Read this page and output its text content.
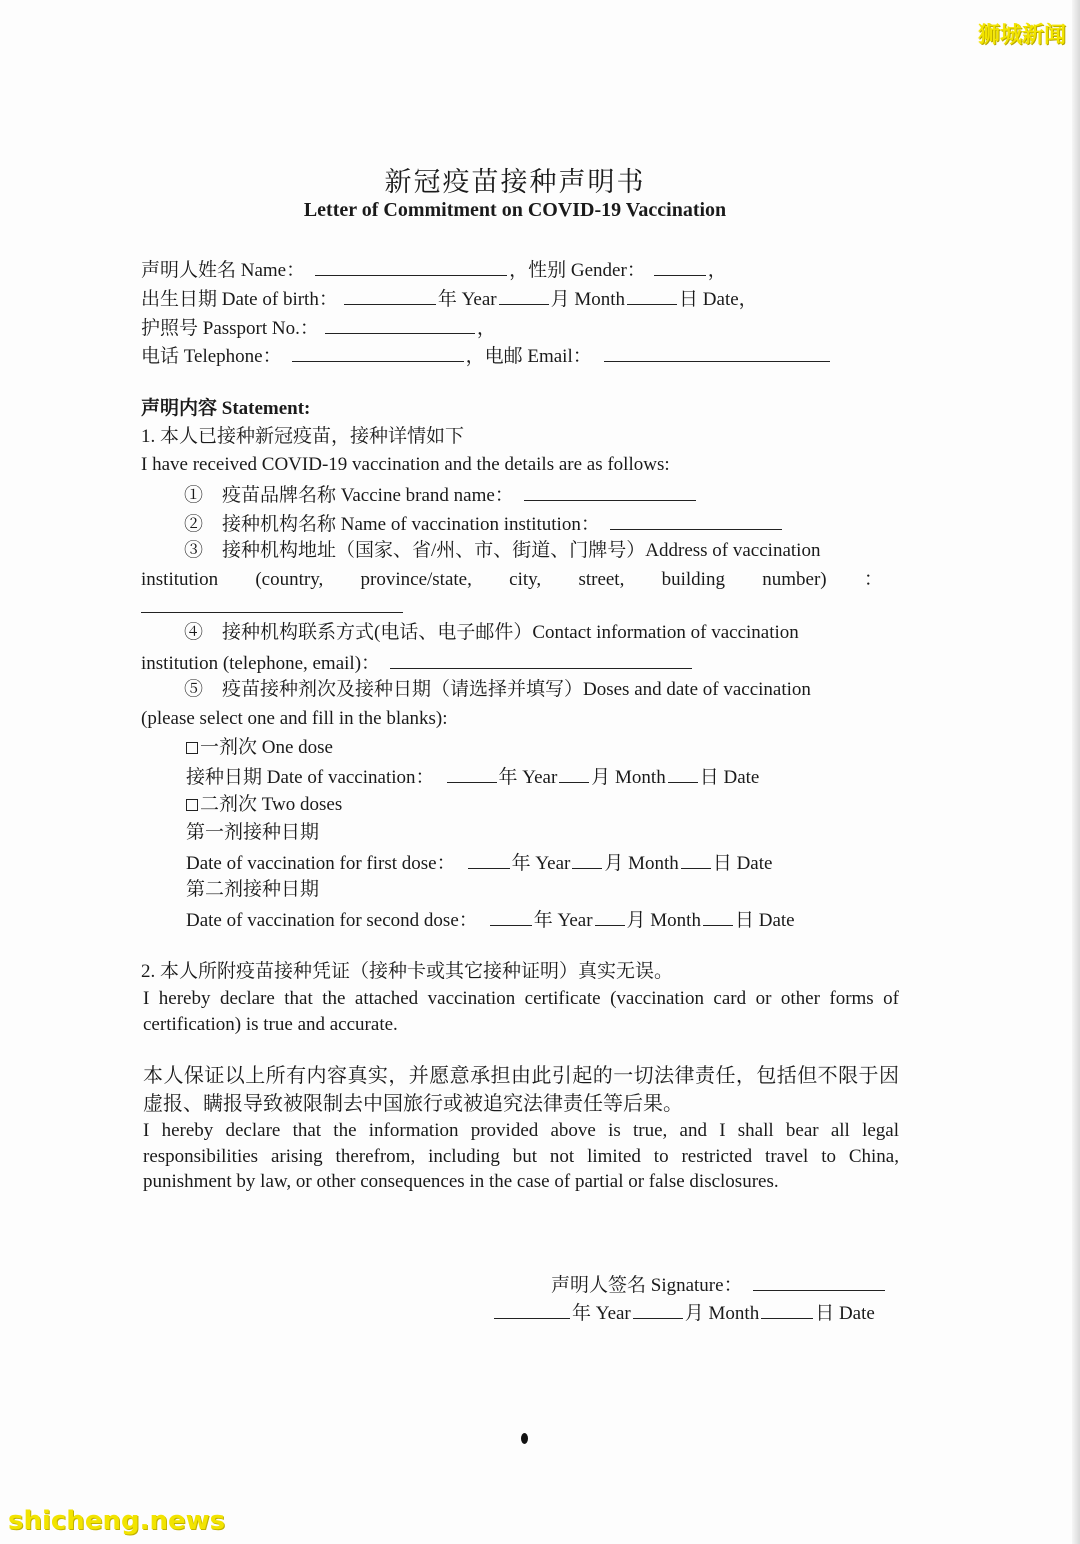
狮城新闻
新冠疫苗接种声明书
Letter of Commitment on COVID-19 Vaccination
声明人姓名 Name：	，性别 Gender：	，
出生日期 Date of birth：	年 Year	月 Month	日 Date，
护照号 Passport No.：	，
电话 Telephone：	，电邮 Email：
声明内容 Statement:
1. 本人已接种新冠疫苗，接种详情如下
I have received COVID-19 vaccination and the details are as follows:
①　疫苗品牌名称 Vaccine brand name：
②　接种机构名称 Name of vaccination institution：
③　接种机构地址（国家、省/州、市、街道、门牌号）Address of vaccination
institution (country, province/state, city, street, building number) ：
④　接种机构联系方式(电话、电子邮件）Contact information of vaccination
institution (telephone, email)：
⑤　疫苗接种剂次及接种日期（请选择并填写）Doses and date of vaccination
(please select one and fill in the blanks):
一剂次 One dose
接种日期 Date of vaccination：	年 Year 月 Month 日 Date
二剂次 Two doses
第一剂接种日期
Date of vaccination for first dose：	年 Year 月 Month 日 Date
第二剂接种日期
Date of vaccination for second dose：	年 Year 月 Month 日 Date
2. 本人所附疫苗接种凭证（接种卡或其它接种证明）真实无误。
I hereby declare that the attached vaccination certificate (vaccination card or other forms of certification) is true and accurate.
本人保证以上所有内容真实，并愿意承担由此引起的一切法律责任，包括但不限于因虚报、瞒报导致被限制去中国旅行或被追究法律责任等后果。
I hereby declare that the information provided above is true, and I shall bear all legal responsibilities arising therefrom, including but not limited to restricted travel to China, punishment by law, or other consequences in the case of partial or false disclosures.
声明人签名 Signature：
年 Year	月 Month	日 Date
shicheng.news
